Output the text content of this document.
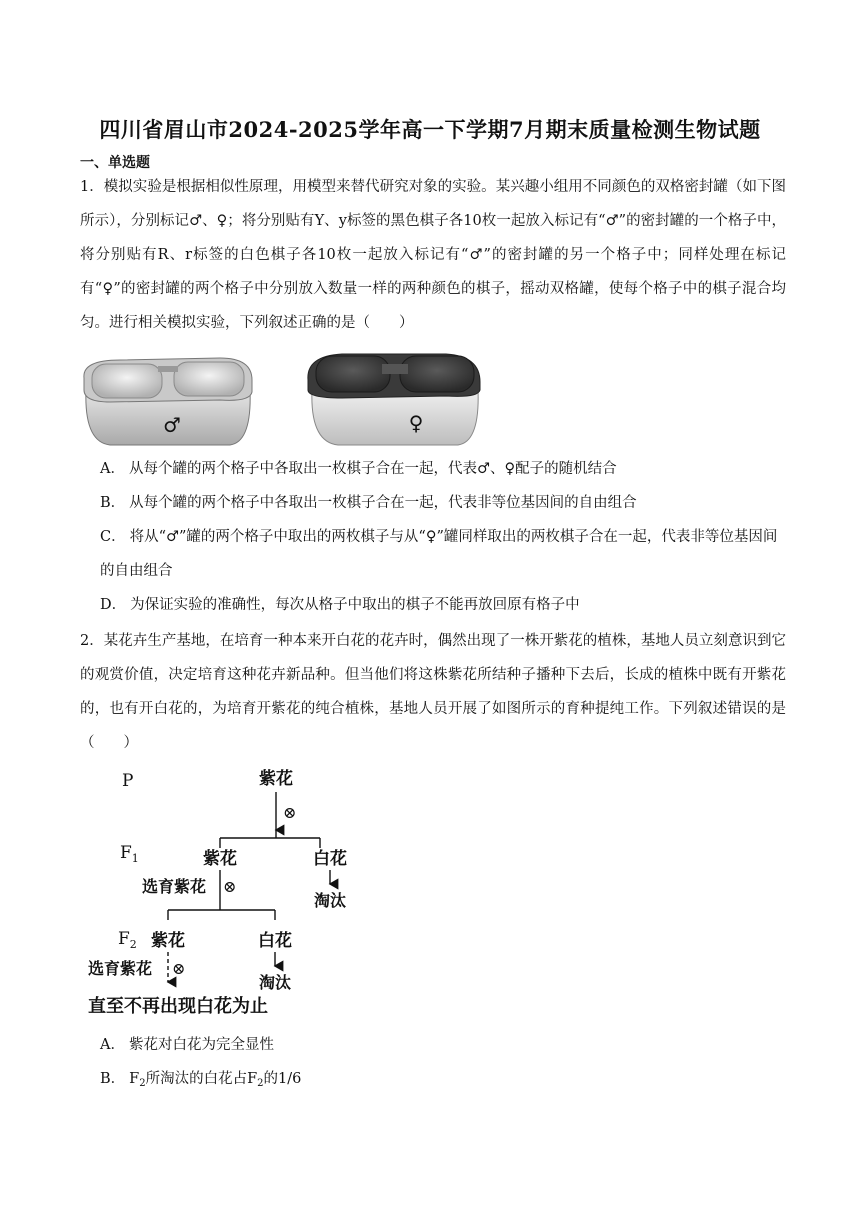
四川省眉山市2024-2025学年高一下学期7月期末质量检测生物试题
一、单选题
1．模拟实验是根据相似性原理，用模型来替代研究对象的实验。某兴趣小组用不同颜色的双格密封罐（如下图所示），分别标记♂、♀；将分别贴有Y、y标签的黑色棋子各10枚一起放入标记有“♂”的密封罐的一个格子中，将分别贴有R、r标签的白色棋子各10枚一起放入标记有“♂”的密封罐的另一个格子中；同样处理在标记有“♀”的密封罐的两个格子中分别放入数量一样的两种颜色的棋子，摇动双格罐，使每个格子中的棋子混合均匀。进行相关模拟实验，下列叙述正确的是（　　）
♂	♀
A． 从每个罐的两个格子中各取出一枚棋子合在一起，代表♂、♀配子的随机结合
B． 从每个罐的两个格子中各取出一枚棋子合在一起，代表非等位基因间的自由组合
C． 将从“♂”罐的两个格子中取出的两枚棋子与从“♀”罐同样取出的两枚棋子合在一起，代表非等位基因间的自由组合
D． 为保证实验的准确性，每次从格子中取出的棋子不能再放回原有格子中
2．某花卉生产基地，在培育一种本来开白花的花卉时，偶然出现了一株开紫花的植株，基地人员立刻意识到它的观赏价值，决定培育这种花卉新品种。但当他们将这株紫花所结种子播种下去后，长成的植株中既有开紫花的，也有开白花的，为培育开紫花的纯合植株，基地人员开展了如图所示的育种提纯工作。下列叙述错误的是（　　）
P	紫花
⊗
$F_1$	紫花	白花
选育紫花 ⊗
淘汰
$F_2$ 紫花	白花
选育紫花 ⊗
淘汰
直至不再出现白花为止
A． 紫花对白花为完全显性
B． $F_2$所淘汰的白花占$F_2$的1/6
